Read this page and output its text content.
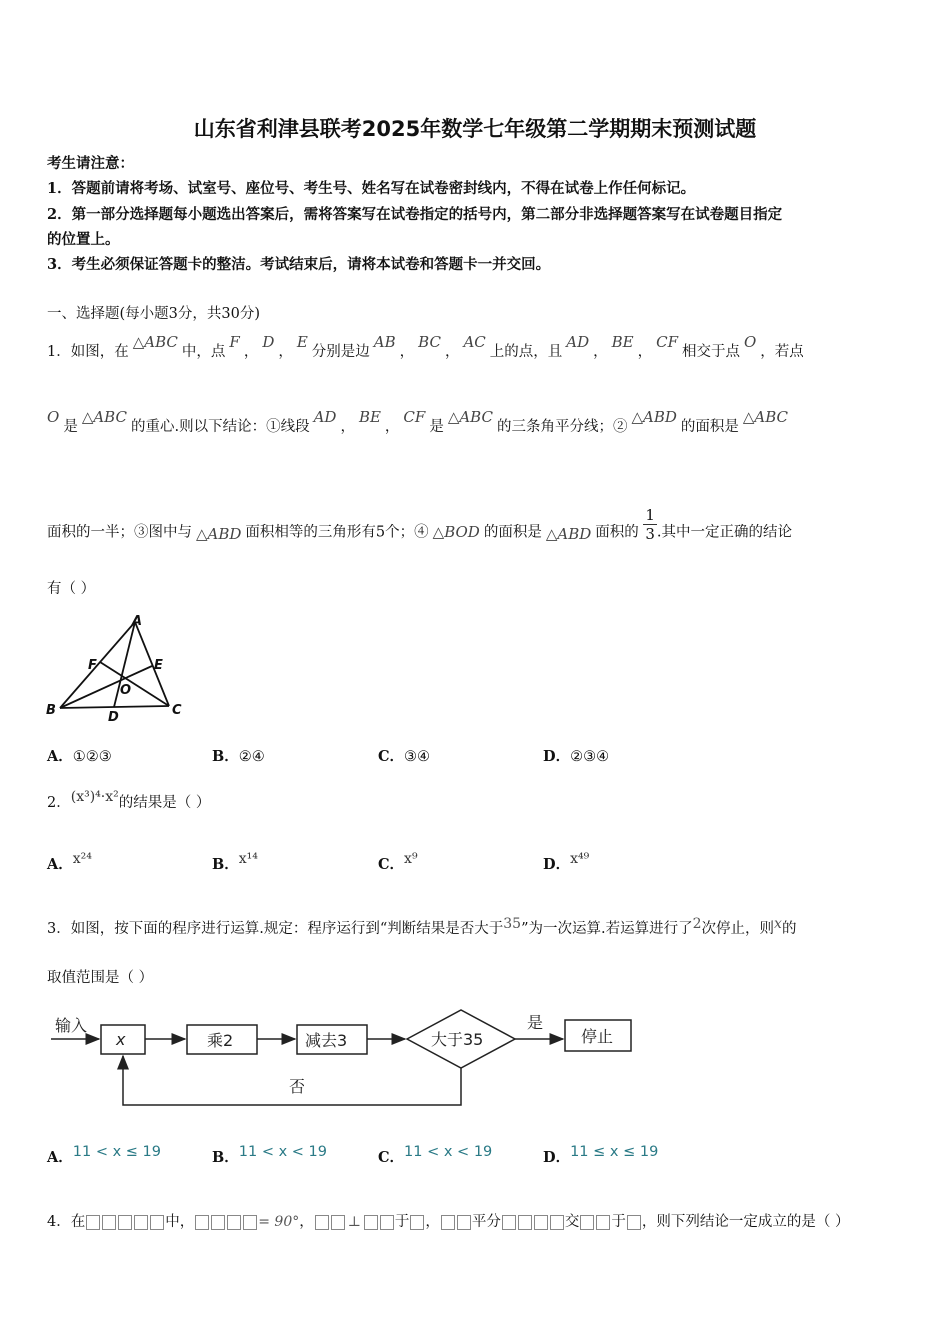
山东省利津县联考2025年数学七年级第二学期期末预测试题
考生请注意：
1．答题前请将考场、试室号、座位号、考生号、姓名写在试卷密封线内，不得在试卷上作任何标记。
2．第一部分选择题每小题选出答案后，需将答案写在试卷指定的括号内，第二部分非选择题答案写在试卷题目指定
的位置上。
3．考生必须保证答题卡的整洁。考试结束后，请将本试卷和答题卡一并交回。
一、选择题(每小题3分，共30分)
1．如图，在△ABC中，点F，D，E分别是边AB，BC，AC上的点，且AD，BE，CF相交于点O，若点
O是△ABC的重心.则以下结论：①线段AD，BE，CF是△ABC的三条角平分线；②△ABD的面积是△ABC
面积的一半；③图中与 △ABD 面积相等的三角形有5个；④ △BOD 的面积是 △ABD 面积的 $\frac{1}{3}$ .其中一定正确的结论
有（ ）
A
F	E
O
B	D	C
A．①②③	B．②④	C．③④	D．②③④
2．(x³)⁴·x²的结果是（ ）
A．x²⁴	B．x¹⁴	C．x⁹	D．x⁴⁹
3．如图，按下面的程序进行运算.规定：程序运行到“判断结果是否大于35”为一次运算.若运算进行了2次停止，则x的
取值范围是（ ）
输入
x	乘2	减去3	大于35
是
停止
否
A．11 < x ≤ 19	B．11 < x < 19	C．11 < x < 19	D．11 ≤ x ≤ 19
4．在	中，	= 90°， ⊥ 于 ， 平分	交 于 ，则下列结论一定成立的是（ ）
